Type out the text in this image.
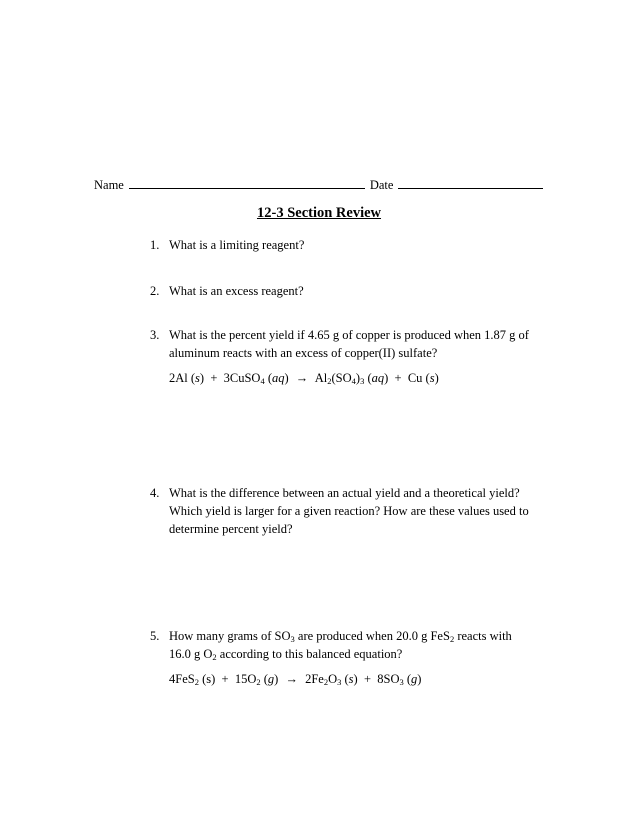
Name	Date
12-3 Section Review
1. What is a limiting reagent?
2. What is an excess reagent?
3. What is the percent yield if 4.65 g of copper is produced when 1.87 g of aluminum reacts with an excess of copper(II) sulfate?
2Al (s)  +  3CuSO$_4$ $(aq) \to Al_2(SO_4)_3$ (aq)  +  Cu (s)
4. What is the difference between an actual yield and a theoretical yield? Which yield is larger for a given reaction? How are these values used to determine percent yield?
5. How many grams of $SO_3$ are produced when 20.0 g FeS$_2$ reacts with 16.0 g $O_2$ according to this balanced equation?
4FeS$_2$ $(s) + 15O_2$ $(g) \to 2Fe_2O_3$ $(s) + 8SO_3$ (g)
